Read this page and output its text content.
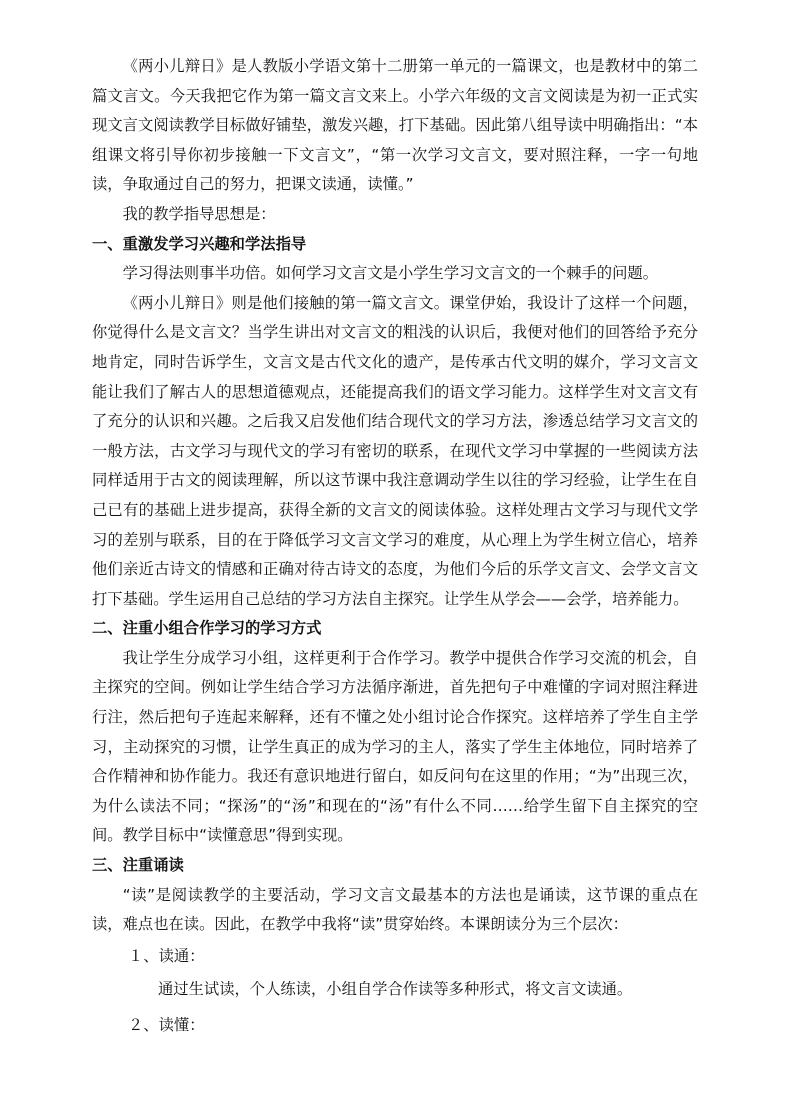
《两小儿辩日》是人教版小学语文第十二册第一单元的一篇课文，也是教材中的第二篇文言文。今天我把它作为第一篇文言文来上。小学六年级的文言文阅读是为初一正式实现文言文阅读教学目标做好铺垫，激发兴趣，打下基础。因此第八组导读中明确指出：“本组课文将引导你初步接触一下文言文”，“第一次学习文言文，要对照注释，一字一句地读，争取通过自己的努力，把课文读通，读懂。”

我的教学指导思想是：

一、重激发学习兴趣和学法指导

学习得法则事半功倍。如何学习文言文是小学生学习文言文的一个棘手的问题。

《两小儿辩日》则是他们接触的第一篇文言文。课堂伊始，我设计了这样一个问题，你觉得什么是文言文？当学生讲出对文言文的粗浅的认识后，我便对他们的回答给予充分地肯定，同时告诉学生，文言文是古代文化的遗产，是传承古代文明的媒介，学习文言文能让我们了解古人的思想道德观点，还能提高我们的语文学习能力。这样学生对文言文有了充分的认识和兴趣。之后我又启发他们结合现代文的学习方法，渗透总结学习文言文的一般方法，古文学习与现代文的学习有密切的联系，在现代文学习中掌握的一些阅读方法同样适用于古文的阅读理解，所以这节课中我注意调动学生以往的学习经验，让学生在自己已有的基础上进步提高，获得全新的文言文的阅读体验。这样处理古文学习与现代文学习的差别与联系，目的在于降低学习文言文学习的难度，从心理上为学生树立信心，培养他们亲近古诗文的情感和正确对待古诗文的态度，为他们今后的乐学文言文、会学文言文打下基础。学生运用自己总结的学习方法自主探究。让学生从学会——会学，培养能力。

二、注重小组合作学习的学习方式

我让学生分成学习小组，这样更利于合作学习。教学中提供合作学习交流的机会，自主探究的空间。例如让学生结合学习方法循序渐进，首先把句子中难懂的字词对照注释进行注，然后把句子连起来解释，还有不懂之处小组讨论合作探究。这样培养了学生自主学习，主动探究的习惯，让学生真正的成为学习的主人，落实了学生主体地位，同时培养了合作精神和协作能力。我还有意识地进行留白，如反问句在这里的作用；“为”出现三次，为什么读法不同；“探汤”的“汤”和现在的“汤”有什么不同……给学生留下自主探究的空间。教学目标中“读懂意思”得到实现。

三、注重诵读

“读”是阅读教学的主要活动，学习文言文最基本的方法也是诵读，这节课的重点在读，难点也在读。因此，在教学中我将“读”贯穿始终。本课朗读分为三个层次：

１、读通：

通过生试读，个人练读，小组自学合作读等多种形式，将文言文读通。

２、读懂：
